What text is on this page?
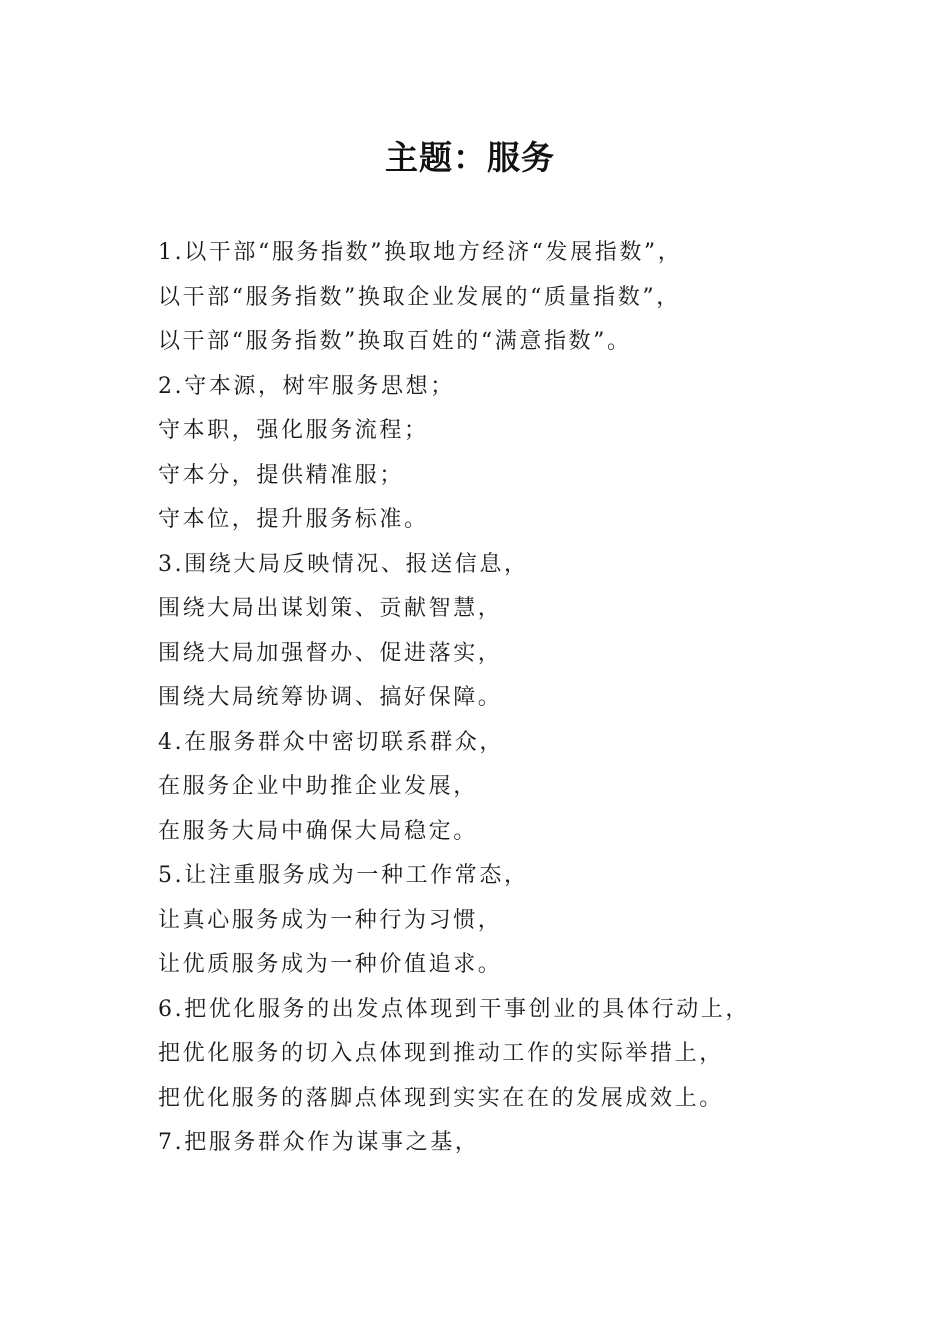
主题：服务
1.以干部“服务指数”换取地方经济“发展指数”，
以干部“服务指数”换取企业发展的“质量指数”，
以干部“服务指数”换取百姓的“满意指数”。
2.守本源，树牢服务思想；
守本职，强化服务流程；
守本分，提供精准服；
守本位，提升服务标准。
3.围绕大局反映情况、报送信息，
围绕大局出谋划策、贡献智慧，
围绕大局加强督办、促进落实，
围绕大局统筹协调、搞好保障。
4.在服务群众中密切联系群众，
在服务企业中助推企业发展，
在服务大局中确保大局稳定。
5.让注重服务成为一种工作常态，
让真心服务成为一种行为习惯，
让优质服务成为一种价值追求。
6.把优化服务的出发点体现到干事创业的具体行动上，
把优化服务的切入点体现到推动工作的实际举措上，
把优化服务的落脚点体现到实实在在的发展成效上。
7.把服务群众作为谋事之基，
